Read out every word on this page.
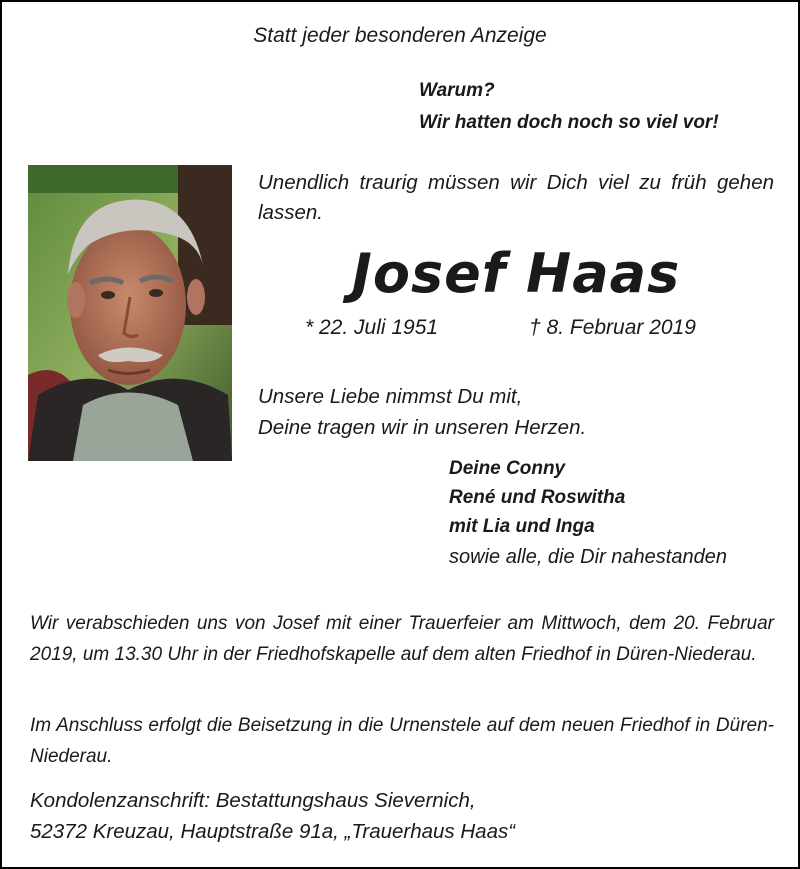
Statt jeder besonderen Anzeige
Warum?
Wir hatten doch noch so viel vor!
Unendlich traurig müssen wir Dich viel zu früh gehen lassen.
Josef Haas
* 22. Juli 1951	† 8. Februar 2019
Unsere Liebe nimmst Du mit,
Deine tragen wir in unseren Herzen.
Deine Conny
René und Roswitha
mit Lia und Inga
sowie alle, die Dir nahestanden
Wir verabschieden uns von Josef mit einer Trauerfeier am Mittwoch, dem 20. Februar 2019, um 13.30 Uhr in der Friedhofskapelle auf dem alten Friedhof in Düren-Niederau.
Im Anschluss erfolgt die Beisetzung in die Urnenstele auf dem neuen Friedhof in Düren-Niederau.
Kondolenzanschrift: Bestattungshaus Sievernich,
52372 Kreuzau, Hauptstraße 91a, „Trauerhaus Haas“
